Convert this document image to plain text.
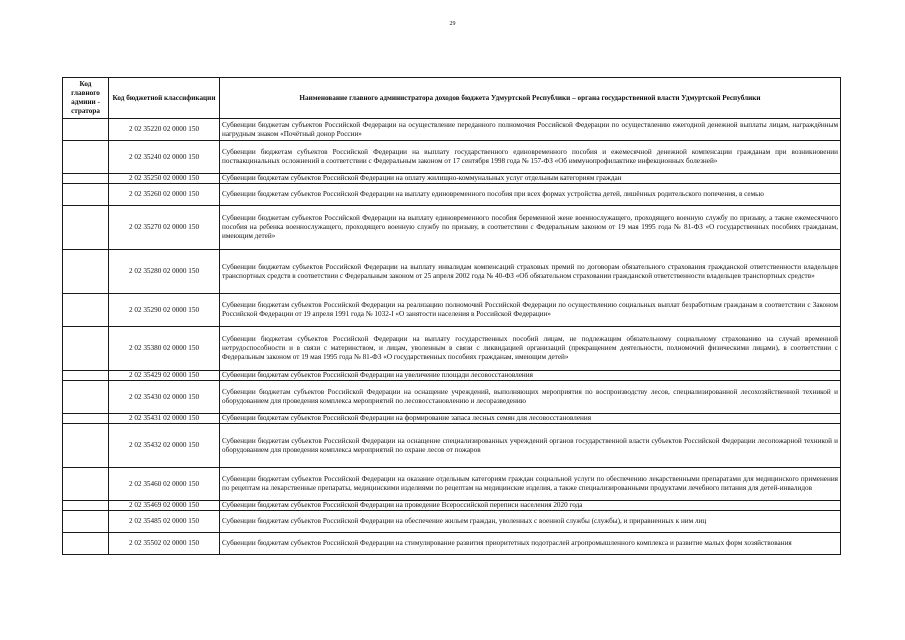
29
Код главного админи - стратора	Код бюджетной классификации	Наименование главного администратора доходов бюджета Удмуртской Республики – органа государственной власти Удмуртской Республики
	2 02 35220 02 0000 150	Субвенции бюджетам субъектов Российской Федерации на осуществление переданного полномочия Российской Федерации по осуществлению ежегодной денежной выплаты лицам, награждённым нагрудным знаком «Почётный донор России»
	2 02 35240 02 0000 150	Субвенции бюджетам субъектов Российской Федерации на выплату государственного единовременного пособия и ежемесячной денежной компенсации гражданам при возникновении поствакцинальных осложнений в соответствии с Федеральным законом от 17 сентября 1998 года № 157-ФЗ «Об иммунопрофилактике инфекционных болезней»
	2 02 35250 02 0000 150	Субвенции бюджетам субъектов Российской Федерации на оплату жилищно-коммунальных услуг отдельным категориям граждан
	2 02 35260 02 0000 150	Субвенции бюджетам субъектов Российской Федерации на выплату единовременного пособия при всех формах устройства детей, лишённых родительского попечения, в семью
	2 02 35270 02 0000 150	Субвенции бюджетам субъектов Российской Федерации на выплату единовременного пособия беременной жене военнослужащего, проходящего военную службу по призыву, а также ежемесячного пособия на ребенка военнослужащего, проходящего военную службу по призыву, в соответствии с Федеральным законом от 19 мая 1995 года № 81-ФЗ «О государственных пособиях гражданам, имеющим детей»
	2 02 35280 02 0000 150	Субвенции бюджетам субъектов Российской Федерации на выплату инвалидам компенсаций страховых премий по договорам обязательного страхования гражданской ответственности владельцев транспортных средств в соответствии с Федеральным законом от 25 апреля 2002 года № 40-ФЗ «Об обязательном страховании гражданской ответственности владельцев транспортных средств»
	2 02 35290 02 0000 150	Субвенции бюджетам субъектов Российской Федерации на реализацию полномочий Российской Федерации по осуществлению социальных выплат безработным гражданам в соответствии с Законом Российской Федерации от 19 апреля 1991 года № 1032-I «О занятости населения в Российской Федерации»
	2 02 35380 02 0000 150	Субвенции бюджетам субъектов Российской Федерации на выплату государственных пособий лицам, не подлежащим обязательному социальному страхованию на случай временной нетрудоспособности и в связи с материнством, и лицам, уволенным в связи с ликвидацией организаций (прекращением деятельности, полномочий физическими лицами), в соответствии с Федеральным законом от 19 мая 1995 года № 81-ФЗ «О государственных пособиях гражданам, имеющим детей»
	2 02 35429 02 0000 150	Субвенции бюджетам субъектов Российской Федерации на увеличение площади лесовосстановления
	2 02 35430 02 0000 150	Субвенции бюджетам субъектов Российской Федерации на оснащение учреждений, выполняющих мероприятия по воспроизводству лесов, специализированной лесохозяйственной техникой и оборудованием для проведения комплекса мероприятий по лесовосстановлению и лесоразведению
	2 02 35431 02 0000 150	Субвенции бюджетам субъектов Российской Федерации на формирование запаса лесных семян для лесовосстановления
	2 02 35432 02 0000 150	Субвенции бюджетам субъектов Российской Федерации на оснащение специализированных учреждений органов государственной власти субъектов Российской Федерации лесопожарной техникой и оборудованием для проведения комплекса мероприятий по охране лесов от пожаров
	2 02 35460 02 0000 150	Субвенции бюджетам субъектов Российской Федерации на оказание отдельным категориям граждан социальной услуги по обеспечению лекарственными препаратами для медицинского применения по рецептам на лекарственные препараты, медицинскими изделиями по рецептам на медицинские изделия, а также специализированными продуктами лечебного питания для детей-инвалидов
	2 02 35469 02 0000 150	Субвенции бюджетам субъектов Российской Федерации на проведение Всероссийской переписи населения 2020 года
	2 02 35485 02 0000 150	Субвенции бюджетам субъектов Российской Федерации на обеспечение жильем граждан, уволенных с военной службы (службы), и приравненных к ним лиц
	2 02 35502 02 0000 150	Субвенции бюджетам субъектов Российской Федерации на стимулирование развития приоритетных подотраслей агропромышленного комплекса и развитие малых форм хозяйствования
